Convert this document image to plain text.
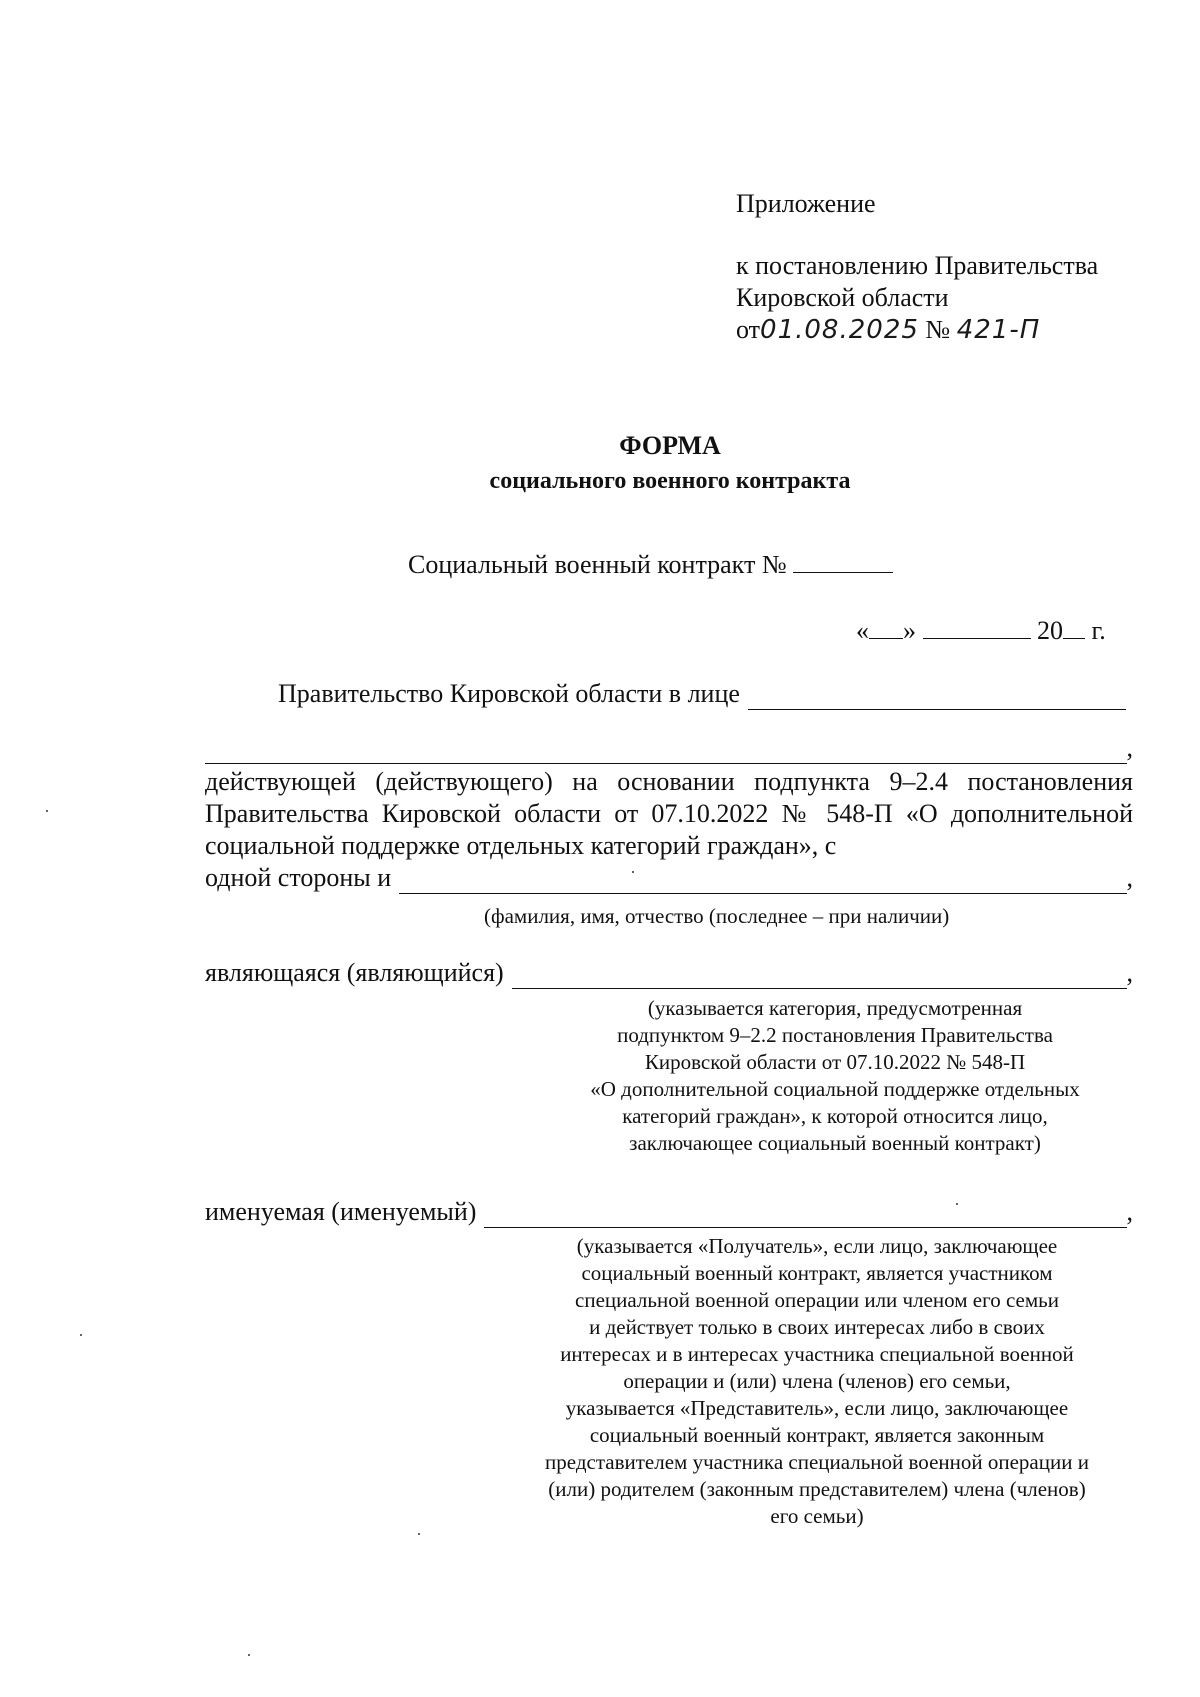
Приложение
к постановлению Правительства
Кировской области
от01.08.2025 № 421-П
ФОРМА
социального военного контракта
Социальный военный контракт №
« »	20 г.
Правительство Кировской области в лице
,
действующей (действующего) на основании подпункта 9–2.4 постановления Правительства Кировской области от 07.10.2022 № 548-П «О дополнительной социальной поддержке отдельных категорий граждан», с
одной стороны и	,
(фамилия, имя, отчество (последнее – при наличии)
являющаяся (являющийся)	,
(указывается категория, предусмотренная
подпунктом 9–2.2 постановления Правительства
Кировской области от 07.10.2022 № 548-П
«О дополнительной социальной поддержке отдельных
категорий граждан», к которой относится лицо,
заключающее социальный военный контракт)
именуемая (именуемый)	,
(указывается «Получатель», если лицо, заключающее
социальный военный контракт, является участником
специальной военной операции или членом его семьи
и действует только в своих интересах либо в своих
интересах и в интересах участника специальной военной
операции и (или) члена (членов) его семьи,
указывается «Представитель», если лицо, заключающее
социальный военный контракт, является законным
представителем участника специальной военной операции и
(или) родителем (законным представителем) члена (членов)
его семьи)
